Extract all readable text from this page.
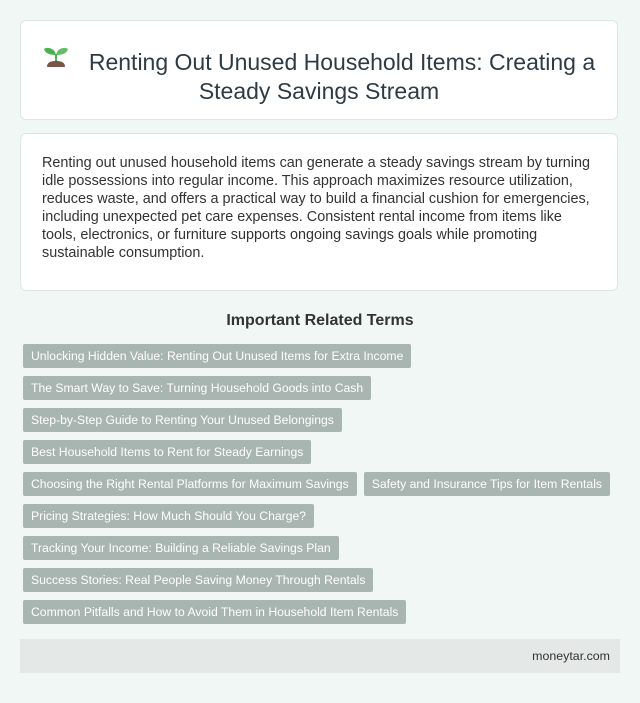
Renting Out Unused Household Items: Creating a Steady Savings Stream

Renting out unused household items can generate a steady savings stream by turning idle possessions into regular income. This approach maximizes resource utilization, reduces waste, and offers a practical way to build a financial cushion for emergencies, including unexpected pet care expenses. Consistent rental income from items like tools, electronics, or furniture supports ongoing savings goals while promoting sustainable consumption.

Important Related Terms
Unlocking Hidden Value: Renting Out Unused Items for Extra Income
The Smart Way to Save: Turning Household Goods into Cash
Step-by-Step Guide to Renting Your Unused Belongings
Best Household Items to Rent for Steady Earnings
Choosing the Right Rental Platforms for Maximum Savings	Safety and Insurance Tips for Item Rentals
Pricing Strategies: How Much Should You Charge?
Tracking Your Income: Building a Reliable Savings Plan
Success Stories: Real People Saving Money Through Rentals
Common Pitfalls and How to Avoid Them in Household Item Rentals
moneytar.com
